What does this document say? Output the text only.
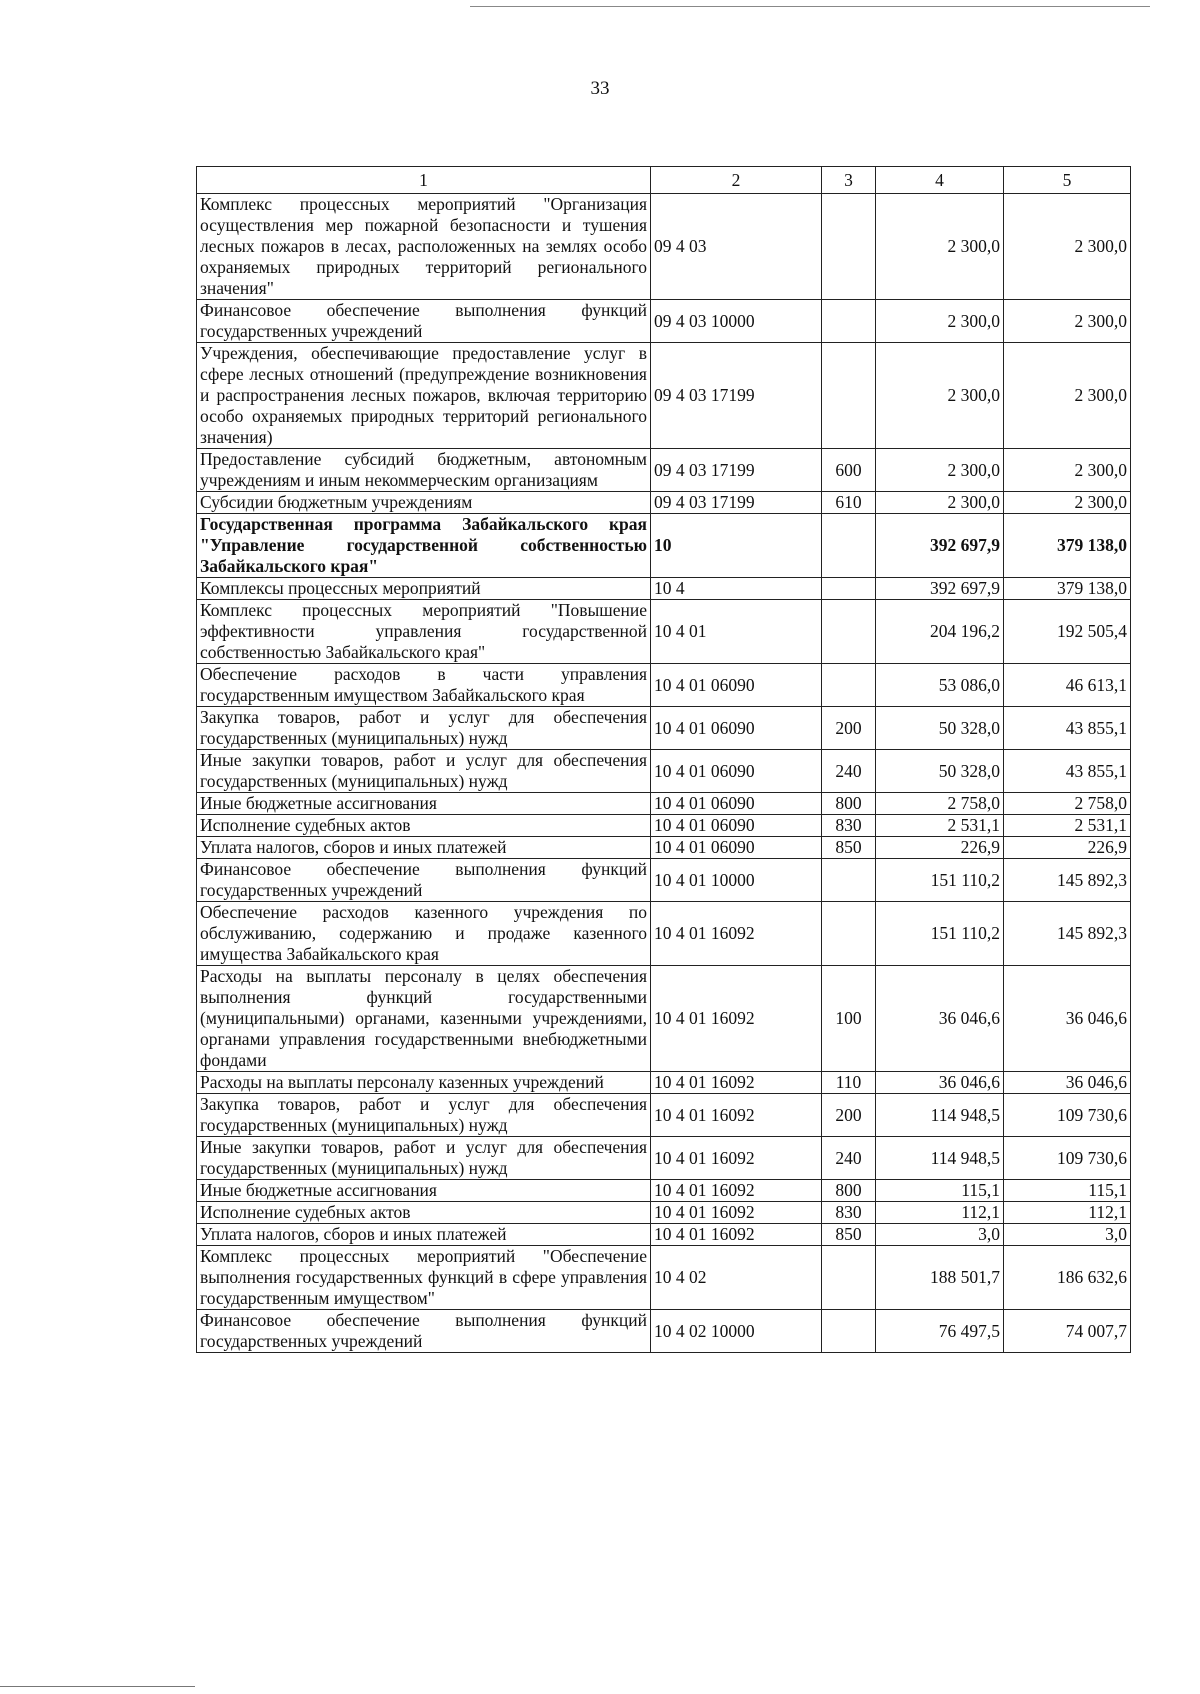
33
1	2	3	4	5
Комплекс процессных мероприятий "Организация осуществления мер пожарной безопасности и тушения лесных пожаров в лесах, расположенных на землях особо охраняемых природных территорий регионального значения"	09 4 03		2 300,0	2 300,0
Финансовое обеспечение выполнения функций государственных учреждений	09 4 03 10000		2 300,0	2 300,0
Учреждения, обеспечивающие предоставление услуг в сфере лесных отношений (предупреждение возникновения и распространения лесных пожаров, включая территорию особо охраняемых природных территорий регионального значения)	09 4 03 17199		2 300,0	2 300,0
Предоставление субсидий бюджетным, автономным учреждениям и иным некоммерческим организациям	09 4 03 17199	600	2 300,0	2 300,0
Субсидии бюджетным учреждениям	09 4 03 17199	610	2 300,0	2 300,0
Государственная программа Забайкальского края "Управление государственной собственностью Забайкальского края"	10		392 697,9	379 138,0
Комплексы процессных мероприятий	10 4		392 697,9	379 138,0
Комплекс процессных мероприятий "Повышение эффективности управления государственной собственностью Забайкальского края"	10 4 01		204 196,2	192 505,4
Обеспечение расходов в части управления государственным имуществом Забайкальского края	10 4 01 06090		53 086,0	46 613,1
Закупка товаров, работ и услуг для обеспечения государственных (муниципальных) нужд	10 4 01 06090	200	50 328,0	43 855,1
Иные закупки товаров, работ и услуг для обеспечения государственных (муниципальных) нужд	10 4 01 06090	240	50 328,0	43 855,1
Иные бюджетные ассигнования	10 4 01 06090	800	2 758,0	2 758,0
Исполнение судебных актов	10 4 01 06090	830	2 531,1	2 531,1
Уплата налогов, сборов и иных платежей	10 4 01 06090	850	226,9	226,9
Финансовое обеспечение выполнения функций государственных учреждений	10 4 01 10000		151 110,2	145 892,3
Обеспечение расходов казенного учреждения по обслуживанию, содержанию и продаже казенного имущества Забайкальского края	10 4 01 16092		151 110,2	145 892,3
Расходы на выплаты персоналу в целях обеспечения выполнения функций государственными (муниципальными) органами, казенными учреждениями, органами управления государственными внебюджетными фондами	10 4 01 16092	100	36 046,6	36 046,6
Расходы на выплаты персоналу казенных учреждений	10 4 01 16092	110	36 046,6	36 046,6
Закупка товаров, работ и услуг для обеспечения государственных (муниципальных) нужд	10 4 01 16092	200	114 948,5	109 730,6
Иные закупки товаров, работ и услуг для обеспечения государственных (муниципальных) нужд	10 4 01 16092	240	114 948,5	109 730,6
Иные бюджетные ассигнования	10 4 01 16092	800	115,1	115,1
Исполнение судебных актов	10 4 01 16092	830	112,1	112,1
Уплата налогов, сборов и иных платежей	10 4 01 16092	850	3,0	3,0
Комплекс процессных мероприятий "Обеспечение выполнения государственных функций в сфере управления государственным имуществом"	10 4 02		188 501,7	186 632,6
Финансовое обеспечение выполнения функций государственных учреждений	10 4 02 10000		76 497,5	74 007,7
